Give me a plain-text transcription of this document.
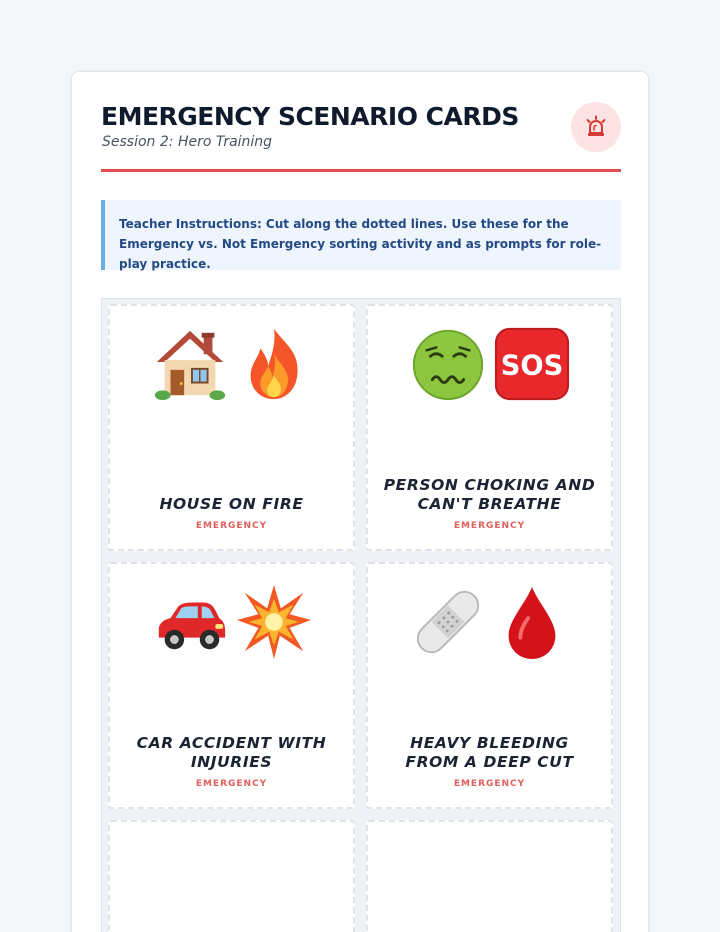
EMERGENCY SCENARIO CARDS
Session 2: Hero Training
Teacher Instructions: Cut along the dotted lines. Use these for the Emergency vs. Not Emergency sorting activity and as prompts for role-play practice.
HOUSE ON FIRE
EMERGENCY
SOS
PERSON CHOKING AND CAN'T BREATHE
EMERGENCY
CAR ACCIDENT WITH INJURIES
EMERGENCY
HEAVY BLEEDING FROM A DEEP CUT
EMERGENCY
